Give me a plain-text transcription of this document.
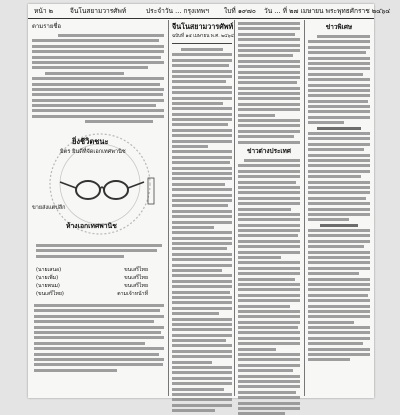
หน้า ๒	จีนโนสยามวารศัพท์	ประจำวัน ... กรุงเทพฯ ใบที่ ๑๙๗๐ วัน ... ที่ ๒๗ เมษายน พระพุทธศักราช ๒๔๖๔
ตามรายชื่อ
ยิ่งชีวิตชนะ
มิตร ยินดีที่จัดเอกเทศพานิช
ห้างเอกเทศพานิช
ขายส่งแต่ปลีก
(นายเสนอ)	ขนเสรีไทย
(นายเพิ่ม)	ขนเสรีไทย
(นายพนม)	ขนเสรีไทย
(ขนเสรีไทย)	ตามเจ้าหน้าที่
จีนโนสยามวารศัพท์
ฉบับที่ ๑๕ เมษายน พ.ศ. ๒๔๖๔
ข่าวต่างประเทศ
ข่าวพิเศษ
